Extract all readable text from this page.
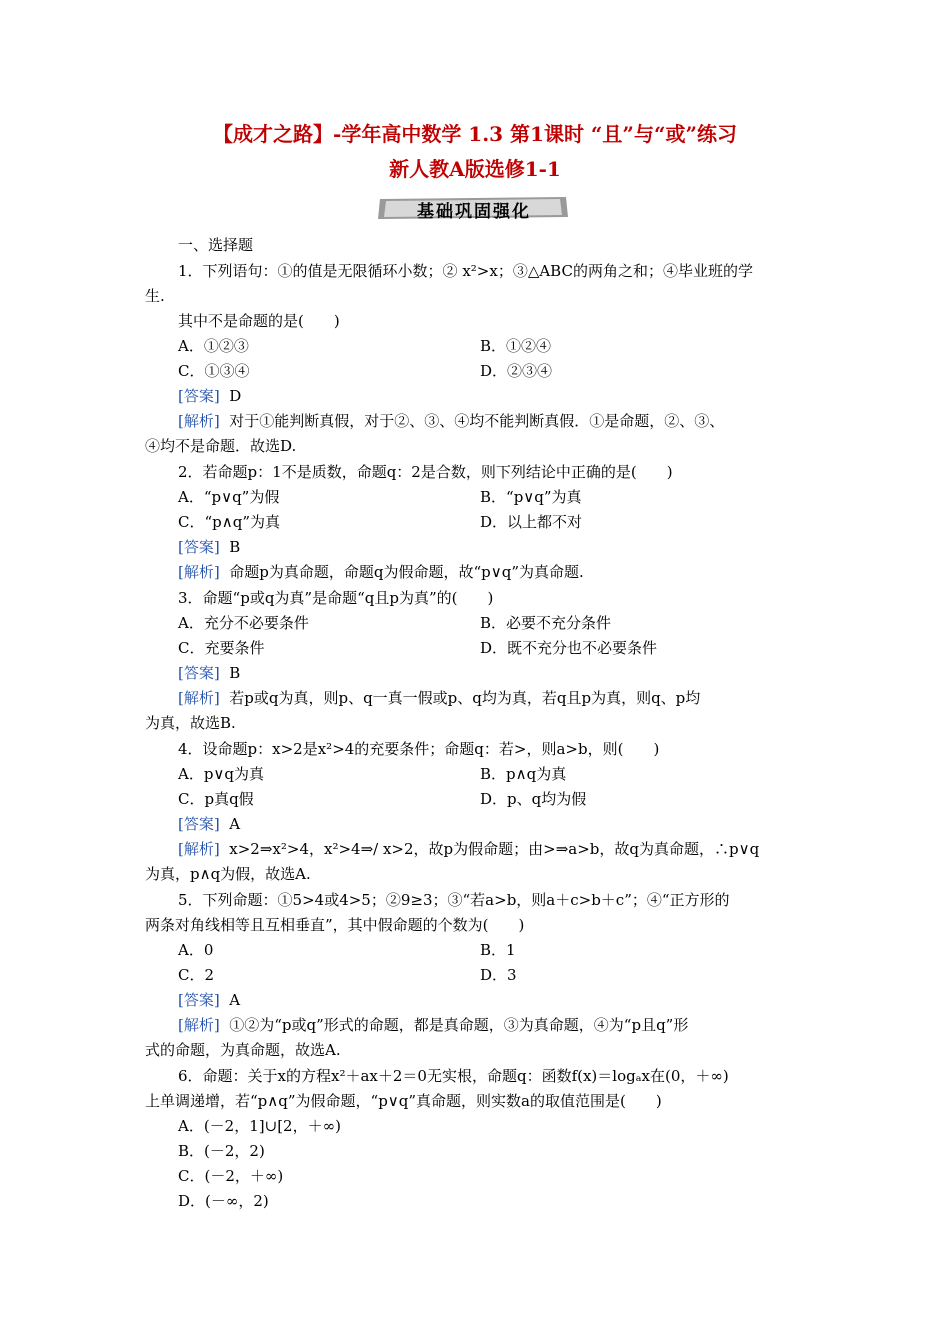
【成才之路】-学年高中数学 1.3 第1课时 “且”与“或”练习
新人教A版选修1-1
基础巩固强化
一、选择题
1．下列语句：①的值是无限循环小数；② x²>x；③△ABC的两角之和；④毕业班的学
生.
其中不是命题的是(　　)
A．①②③	B．①②④
C．①③④	D．②③④
[答案] D
[解析] 对于①能判断真假，对于②、③、④均不能判断真假．①是命题，②、③、
④均不是命题．故选D.
2．若命题p：1不是质数，命题q：2是合数，则下列结论中正确的是(　　)
A．“p∨q”为假	B．“p∨q”为真
C．“p∧q”为真	D．以上都不对
[答案] B
[解析] 命题p为真命题，命题q为假命题，故“p∨q”为真命题.
3．命题“p或q为真”是命题“q且p为真”的(　　)
A．充分不必要条件	B．必要不充分条件
C．充要条件	D．既不充分也不必要条件
[答案] B
[解析] 若p或q为真，则p、q一真一假或p、q均为真，若q且p为真，则q、p均
为真，故选B.
4．设命题p：x>2是x²>4的充要条件；命题q：若>，则a>b，则(　　)
A．p∨q为真	B．p∧q为真
C．p真q假	D．p、q均为假
[答案] A
[解析] x>2⇒x²>4，x²>4⇒/ x>2，故p为假命题；由>⇒a>b，故q为真命题，∴p∨q
为真，p∧q为假，故选A.
5．下列命题：①5>4或4>5；②9≥3；③“若a>b，则a＋c>b＋c”；④“正方形的
两条对角线相等且互相垂直”，其中假命题的个数为(　　)
A．0	B．1
C．2	D．3
[答案] A
[解析] ①②为“p或q”形式的命题，都是真命题，③为真命题，④为“p且q”形
式的命题，为真命题，故选A.
6．命题：关于x的方程x²＋ax＋2＝0无实根，命题q：函数f(x)＝logₐx在(0，＋∞)
上单调递增，若“p∧q”为假命题，“p∨q”真命题，则实数a的取值范围是(　　)
A．(－2，1]∪[2，＋∞)
B．(－2，2)
C．(－2，＋∞)
D．(－∞，2)
